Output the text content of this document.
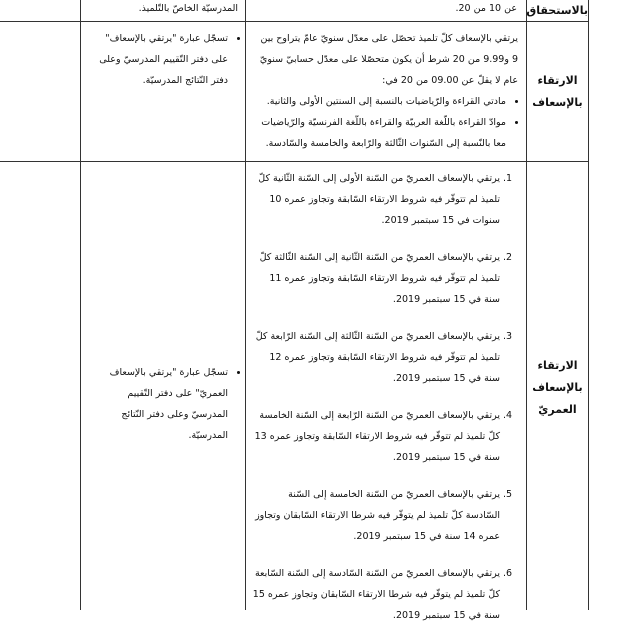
بالاستحقاق
عن 10 من 20.
المدرسيّة الخاصّ بالتّلميذ.
الارتقاء بالإسعاف

يرتقي بالإسعاف كلّ تلميذ تحصّل على معدّل سنويّ عامّ يتراوح بين 9 و9.99 من 20 شرط أن يكون متحصّلا على معدّل حسابيّ سنويّ عام لا يقلّ عن 09.00 من 20 في:

• مادتي القراءة والرّياضيات بالنسبة إلى السنتين الأولى والثانية.
• موادّ القراءة باللّغة العربيّة والقراءة باللّغة الفرنسيّة والرّياضيات معا بالنّسبة إلى السّنوات الثّالثة والرّابعة والخامسة والسّادسة.
• تسجّل عبارة "يرتقي بالإسعاف" على دفتر التّقييم المدرسيّ وعلى دفتر النّتائج المدرسيّة.
الارتقاء بالإسعاف العمريّ
1. يرتقي بالإسعاف العمريّ من السّنة الأولى إلى السّنة الثّانية كلّ تلميذ لم تتوفّر فيه شروط الارتقاء السّابقة وتجاوز عمره 10 سنوات في 15 سبتمبر 2019.
2. يرتقي بالإسعاف العمريّ من السّنة الثّانية إلى السّنة الثّالثة كلّ تلميذ لم تتوفّر فيه شروط الارتقاء السّابقة وتجاوز عمره 11 سنة في 15 سبتمبر 2019.
3. يرتقي بالإسعاف العمريّ من السّنة الثّالثة إلى السّنة الرّابعة كلّ تلميذ لم تتوفّر فيه شروط الارتقاء السّابقة وتجاوز عمره 12 سنة في 15 سبتمبر 2019.
4. يرتقي بالإسعاف العمريّ من السّنة الرّابعة إلى السّنة الخامسة كلّ تلميذ لم تتوفّر فيه شروط الارتقاء السّابقة وتجاوز عمره 13 سنة في 15 سبتمبر 2019.
5. يرتقي بالإسعاف العمريّ من السّنة الخامسة إلى السّنة السّادسة كلّ تلميذ لم يتوفّر فيه شرطا الارتقاء السّابقان وتجاوز عمره 14 سنة في 15 سبتمبر 2019.
6. يرتقي بالإسعاف العمريّ من السّنة السّادسة إلى السّنة السّابعة كلّ تلميذ لم يتوفّر فيه شرطا الارتقاء السّابقان وتجاوز عمره 15 سنة في 15 سبتمبر 2019.
• تسجّل عبارة "يرتقي بالإسعاف العمريّ" على دفتر التّقييم المدرسيّ وعلى دفتر النّتائج المدرسيّة.
